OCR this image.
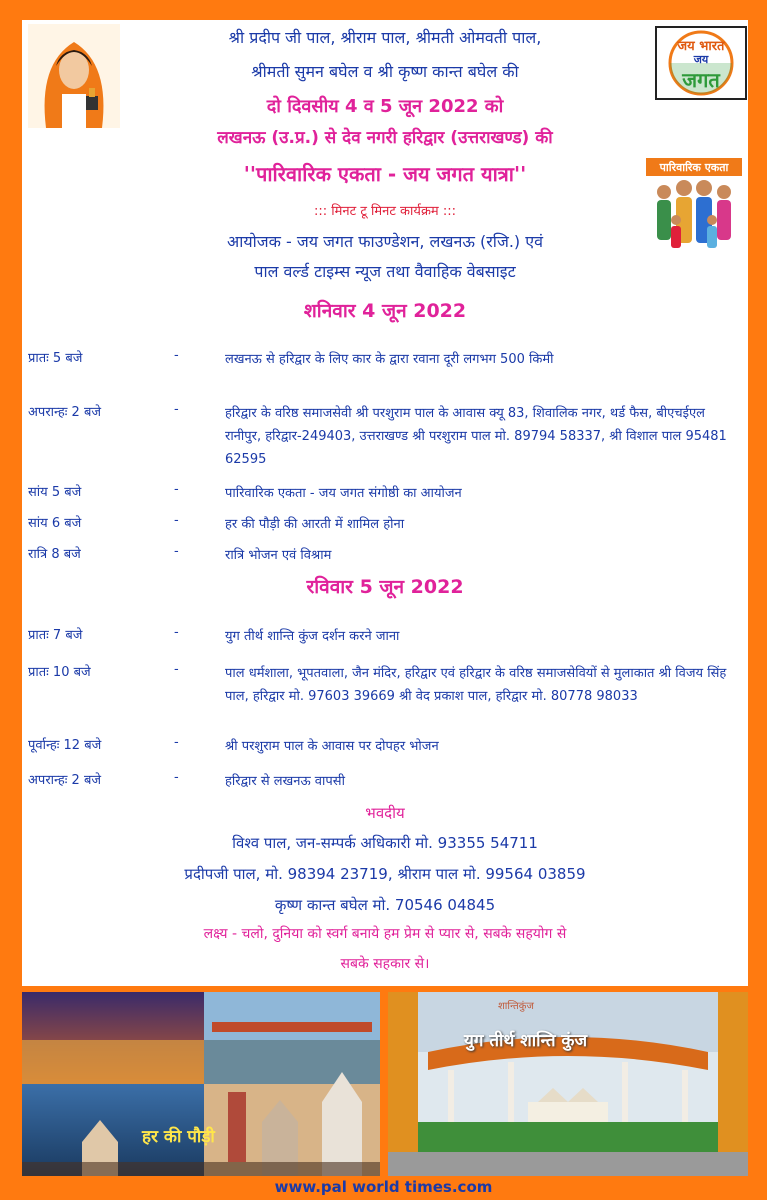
जय भारत
जय
जगत
पारिवारिक एकता
श्री प्रदीप जी पाल, श्रीराम पाल, श्रीमती ओमवती पाल,
श्रीमती सुमन बघेल व श्री कृष्ण कान्त बघेल की
दो दिवसीय 4 व 5 जून 2022 को
लखनऊ (उ.प्र.) से देव नगरी हरिद्वार (उत्तराखण्ड) की
''पारिवारिक एकता - जय जगत यात्रा''
::: मिनट टू मिनट कार्यक्रम :::
आयोजक - जय जगत फाउण्डेशन, लखनऊ (रजि.) एवं
पाल वर्ल्ड टाइम्स न्यूज तथा वैवाहिक वेबसाइट
शनिवार 4 जून 2022
प्रातः 5 बजे	-	लखनऊ से हरिद्वार के लिए कार के द्वारा रवाना दूरी लगभग 500 किमी
अपरान्हः 2 बजे	-	हरिद्वार के वरिष्ठ समाजसेवी श्री परशुराम पाल के आवास क्यू 83, शिवालिक नगर, थर्ड फैस, बीएचईएल रानीपुर, हरिद्वार-249403, उत्तराखण्ड श्री परशुराम पाल मो. 89794 58337, श्री विशाल पाल 95481 62595
सांय 5 बजे	-	पारिवारिक एकता - जय जगत संगोष्ठी का आयोजन
सांय 6 बजे	-	हर की पौड़ी की आरती में शामिल होना
रात्रि 8 बजे	-	रात्रि भोजन एवं विश्राम
रविवार 5 जून 2022
प्रातः 7 बजे	-	युग तीर्थ शान्ति कुंज दर्शन करने जाना
प्रातः 10 बजे	-	पाल धर्मशाला, भूपतवाला, जैन मंदिर, हरिद्वार एवं हरिद्वार के वरिष्ठ समाजसेवियों से मुलाकात श्री विजय सिंह पाल, हरिद्वार मो. 97603 39669 श्री वेद प्रकाश पाल, हरिद्वार मो. 80778 98033
पूर्वान्हः 12 बजे	-	श्री परशुराम पाल के आवास पर दोपहर भोजन
अपरान्हः 2 बजे	-	हरिद्वार से लखनऊ वापसी
भवदीय
विश्व पाल, जन-सम्पर्क अधिकारी मो. 93355 54711
प्रदीपजी पाल, मो. 98394 23719, श्रीराम पाल मो. 99564 03859
कृष्ण कान्त बघेल मो. 70546 04845
लक्ष्य - चलो, दुनिया को स्वर्ग बनाये हम प्रेम से प्यार से, सबके सहयोग से
सबके सहकार से।
हर की पौड़ी
शान्तिकुंज
युग तीर्थ शान्ति कुंज
www.pal world times.com
